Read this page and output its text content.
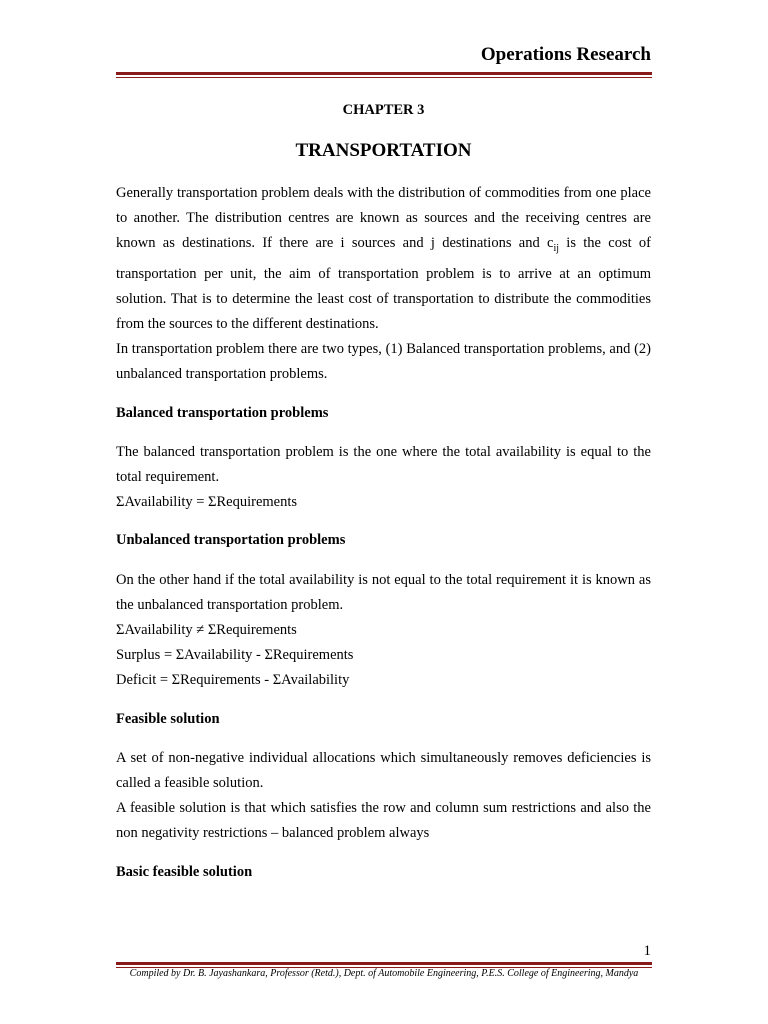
Operations Research
CHAPTER 3
TRANSPORTATION

Generally transportation problem deals with the distribution of commodities from one place to another. The distribution centres are known as sources and the receiving centres are known as destinations. If there are i sources and j destinations and $c_{ij}$ is the cost of transportation per unit, the aim of transportation problem is to arrive at an optimum solution. That is to determine the least cost of transportation to distribute the commodities from the sources to the different destinations.

In transportation problem there are two types, (1) Balanced transportation problems, and (2) unbalanced transportation problems.

Balanced transportation problems

The balanced transportation problem is the one where the total availability is equal to the total requirement.

ΣAvailability = ΣRequirements

Unbalanced transportation problems

On the other hand if the total availability is not equal to the total requirement it is known as the unbalanced transportation problem.

ΣAvailability ≠ ΣRequirements

Surplus = ΣAvailability - ΣRequirements

Deficit = ΣRequirements - ΣAvailability

Feasible solution

A set of non-negative individual allocations which simultaneously removes deficiencies is called a feasible solution.

A feasible solution is that which satisfies the row and column sum restrictions and also the non negativity restrictions – balanced problem always

Basic feasible solution

1
Compiled by Dr. B. Jayashankara, Professor (Retd.), Dept. of Automobile Engineering, P.E.S. College of Engineering, Mandya
